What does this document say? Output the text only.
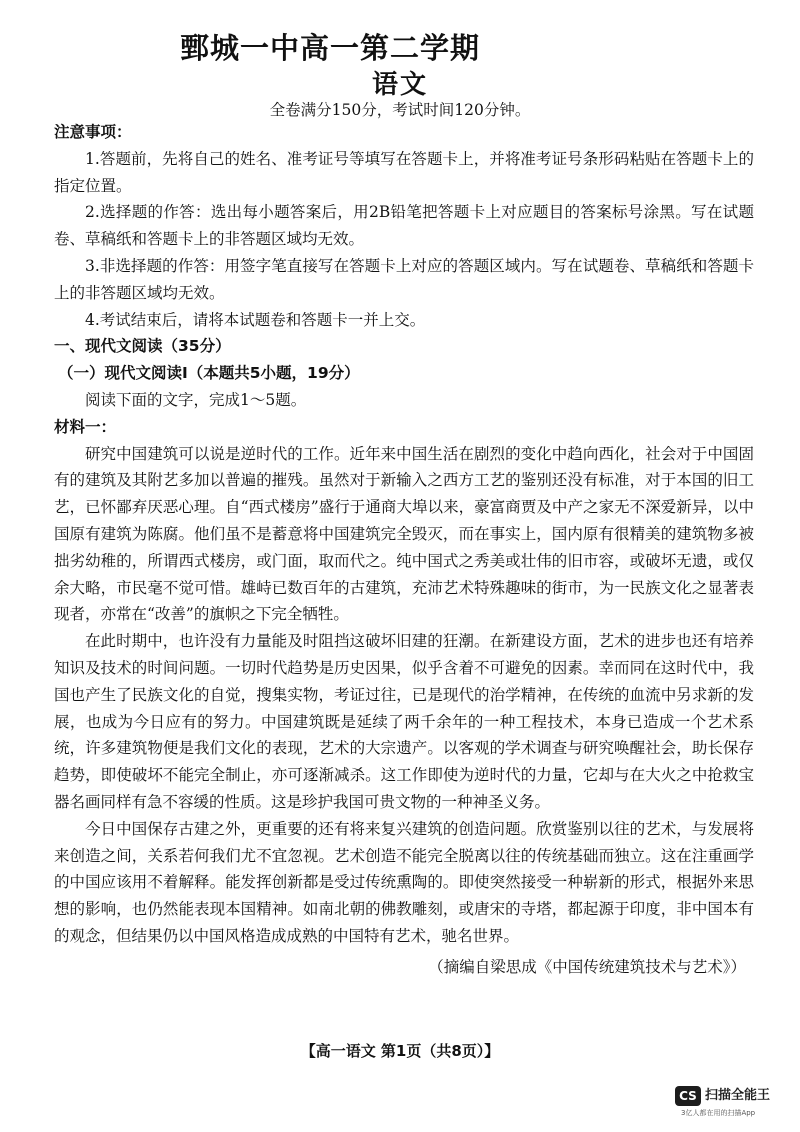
鄄城一中高一第二学期
语文
全卷满分150分，考试时间120分钟。

注意事项：

1.答题前，先将自己的姓名、准考证号等填写在答题卡上，并将准考证号条形码粘贴在答题卡上的指定位置。

2.选择题的作答：选出每小题答案后，用2B铅笔把答题卡上对应题目的答案标号涂黑。写在试题卷、草稿纸和答题卡上的非答题区域均无效。

3.非选择题的作答：用签字笔直接写在答题卡上对应的答题区域内。写在试题卷、草稿纸和答题卡上的非答题区域均无效。

4.考试结束后，请将本试题卷和答题卡一并上交。

一、现代文阅读（35分）

（一）现代文阅读Ⅰ（本题共5小题，19分）

阅读下面的文字，完成1～5题。

材料一：

研究中国建筑可以说是逆时代的工作。近年来中国生活在剧烈的变化中趋向西化，社会对于中国固有的建筑及其附艺多加以普遍的摧残。虽然对于新输入之西方工艺的鉴别还没有标准，对于本国的旧工艺，已怀鄙弃厌恶心理。自“西式楼房”盛行于通商大埠以来，豪富商贾及中产之家无不深爱新异，以中国原有建筑为陈腐。他们虽不是蓄意将中国建筑完全毁灭，而在事实上，国内原有很精美的建筑物多被拙劣幼稚的，所谓西式楼房，或门面，取而代之。纯中国式之秀美或壮伟的旧市容，或破坏无遗，或仅余大略，市民毫不觉可惜。雄峙已数百年的古建筑，充沛艺术特殊趣味的街市，为一民族文化之显著表现者，亦常在“改善”的旗帜之下完全牺牲。

在此时期中，也许没有力量能及时阻挡这破坏旧建的狂潮。在新建设方面，艺术的进步也还有培养知识及技术的时间问题。一切时代趋势是历史因果，似乎含着不可避免的因素。幸而同在这时代中，我国也产生了民族文化的自觉，搜集实物，考证过往，已是现代的治学精神，在传统的血流中另求新的发展，也成为今日应有的努力。中国建筑既是延续了两千余年的一种工程技术，本身已造成一个艺术系统，许多建筑物便是我们文化的表现，艺术的大宗遗产。以客观的学术调查与研究唤醒社会，助长保存趋势，即使破坏不能完全制止，亦可逐渐减杀。这工作即使为逆时代的力量，它却与在大火之中抢救宝器名画同样有急不容缓的性质。这是珍护我国可贵文物的一种神圣义务。

今日中国保存古建之外，更重要的还有将来复兴建筑的创造问题。欣赏鉴别以往的艺术，与发展将来创造之间，关系若何我们尤不宜忽视。艺术创造不能完全脱离以往的传统基础而独立。这在注重画学的中国应该用不着解释。能发挥创新都是受过传统熏陶的。即使突然接受一种崭新的形式，根据外来思想的影响，也仍然能表现本国精神。如南北朝的佛教雕刻，或唐宋的寺塔，都起源于印度，非中国本有的观念，但结果仍以中国风格造成成熟的中国特有艺术，驰名世界。

（摘编自梁思成《中国传统建筑技术与艺术》）

【高一语文 第1页（共8页）】
CS 扫描全能王
3亿人都在用的扫描App
